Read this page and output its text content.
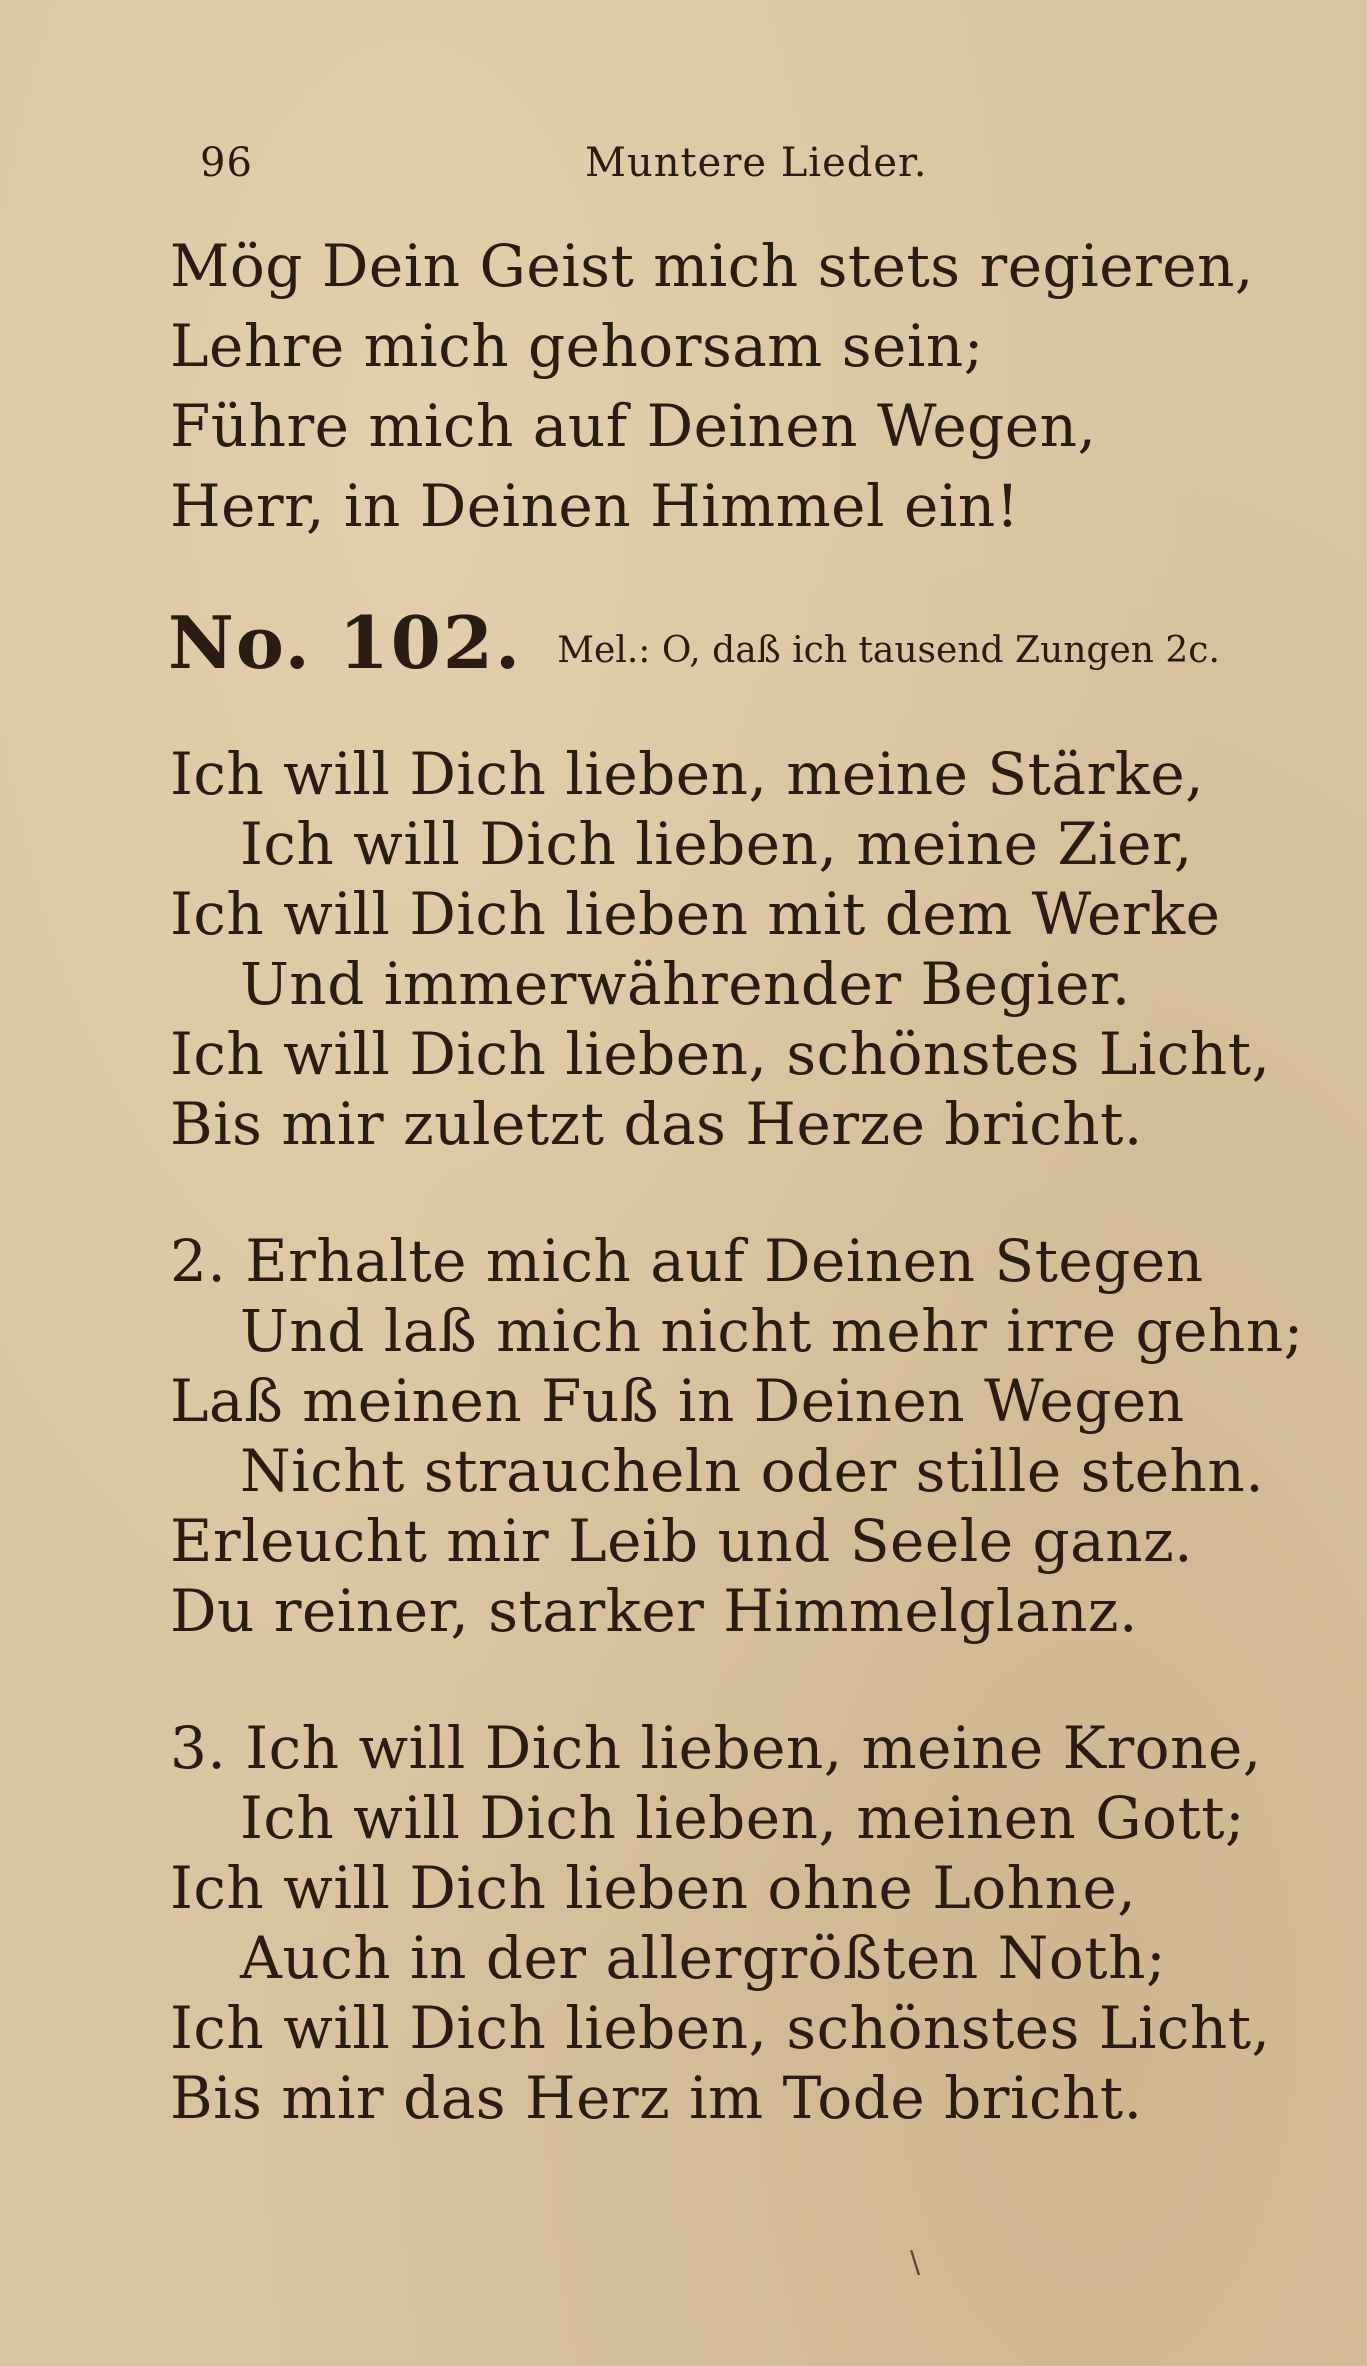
96	Muntere Lieder.
Mög Dein Geist mich stets regieren,
Lehre mich gehorsam sein;
Führe mich auf Deinen Wegen,
Herr, in Deinen Himmel ein!
No. 102. Mel.: O, daß ich tausend Zungen 2c.
Ich will Dich lieben, meine Stärke,
Ich will Dich lieben, meine Zier,
Ich will Dich lieben mit dem Werke
Und immerwährender Begier.
Ich will Dich lieben, schönstes Licht,
Bis mir zuletzt das Herze bricht.
2. Erhalte mich auf Deinen Stegen
Und laß mich nicht mehr irre gehn;
Laß meinen Fuß in Deinen Wegen
Nicht straucheln oder stille stehn.
Erleucht mir Leib und Seele ganz.
Du reiner, starker Himmelglanz.
3. Ich will Dich lieben, meine Krone,
Ich will Dich lieben, meinen Gott;
Ich will Dich lieben ohne Lohne,
Auch in der allergrößten Noth;
Ich will Dich lieben, schönstes Licht,
Bis mir das Herz im Tode bricht.
\
